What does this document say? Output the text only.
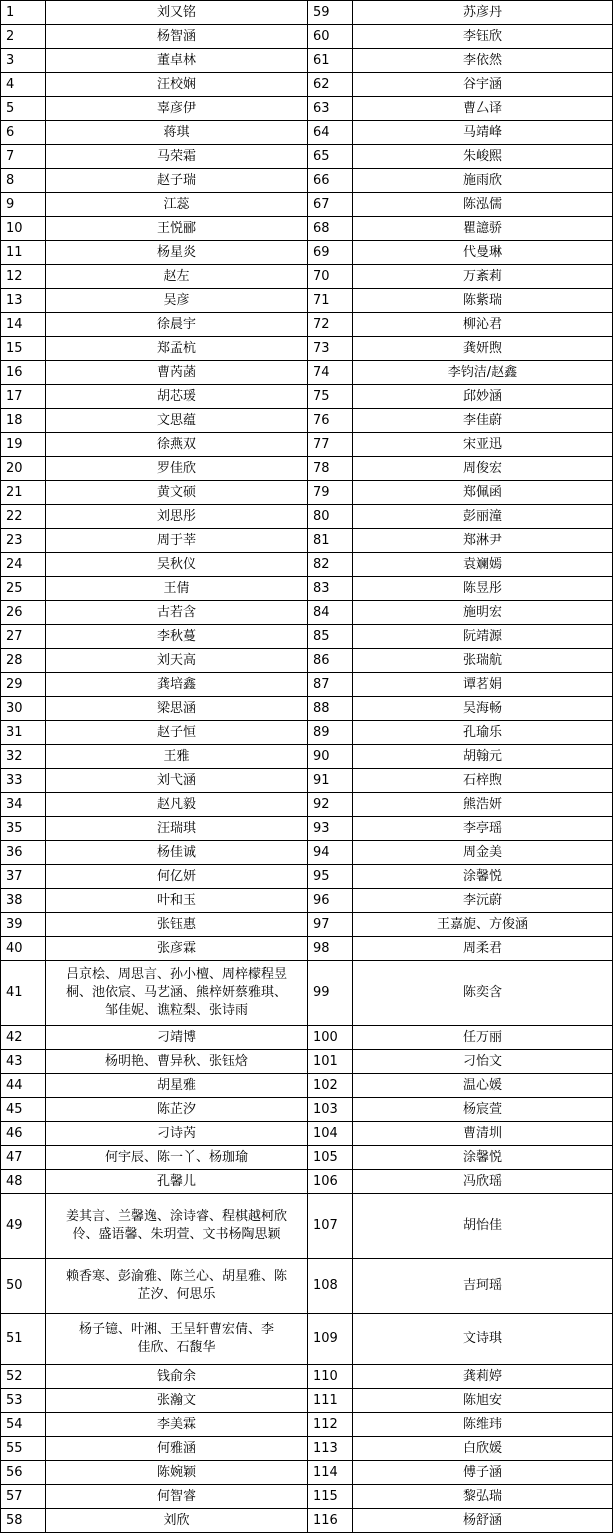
1	刘又铭	59	苏彦丹
2	杨智涵	60	李钰欣
3	董卓林	61	李依然
4	汪校娴	62	谷宇涵
5	辜彦伊	63	曹厶译
6	蒋琪	64	马靖峰
7	马荣霜	65	朱峻熙
8	赵子瑞	66	施雨欣
9	江蕊	67	陈泓儒
10	王悦郦	68	瞿譩骄
11	杨星炎	69	代曼琳
12	赵左	70	万紊莉
13	吴彦	71	陈紫瑞
14	徐晨宇	72	柳沁君
15	郑孟杭	73	龚妍煦
16	曹芮菡	74	李钧洁/赵鑫
17	胡芯瑗	75	邱妙涵
18	文思蕴	76	李佳蔚
19	徐燕双	77	宋亚迅
20	罗佳欣	78	周俊宏
21	黄文硕	79	郑佩函
22	刘思彤	80	彭丽潼
23	周于莘	81	郑淋尹
24	吴秋仪	82	袁斓嫣
25	王倩	83	陈昱彤
26	古若含	84	施明宏
27	李秋蔓	85	阮靖源
28	刘天高	86	张瑞航
29	龚培鑫	87	谭茗娟
30	梁思涵	88	吴海畅
31	赵子恒	89	孔瑜乐
32	王雅	90	胡翰元
33	刘弋涵	91	石梓煦
34	赵凡毅	92	熊浩妍
35	汪瑞琪	93	李亭瑶
36	杨佳诚	94	周金美
37	何亿妍	95	涂馨悦
38	叶和玉	96	李沅蔚
39	张钰惠	97	王嘉旎、方俊涵
40	张彦霖	98	周柔君
41	吕京桧、周思言、孙小檀、周梓檬程昱桐、池依宸、马艺涵、熊梓妍蔡雅琪、邹佳妮、谯粒梨、张诗雨	99	陈奕含
42	刁靖博	100	任万丽
43	杨明艳、曹异秋、张钰焓	101	刁怡文
44	胡星雅	102	温心媛
45	陈芷汐	103	杨宸萱
46	刁诗芮	104	曹清圳
47	何宇辰、陈一丫、杨珈瑜	105	涂馨悦
48	孔馨儿	106	冯欣瑶
49	姜其言、兰馨逸、涂诗睿、程棋越柯欣伶、盛语馨、朱玥萱、文书杨陶思颖	107	胡怡佳
50	赖香寒、彭渝雅、陈兰心、胡星雅、陈芷汐、何思乐	108	吉珂瑶
51	杨子镱、叶湘、王呈轩曹宏倩、李佳欣、石馥华	109	文诗琪
52	钱俞余	110	龚莉婷
53	张瀚文	111	陈旭安
54	李美霖	112	陈维玮
55	何雅涵	113	白欣媛
56	陈婉颖	114	傅子涵
57	何智睿	115	黎弘瑞
58	刘欣	116	杨舒涵
